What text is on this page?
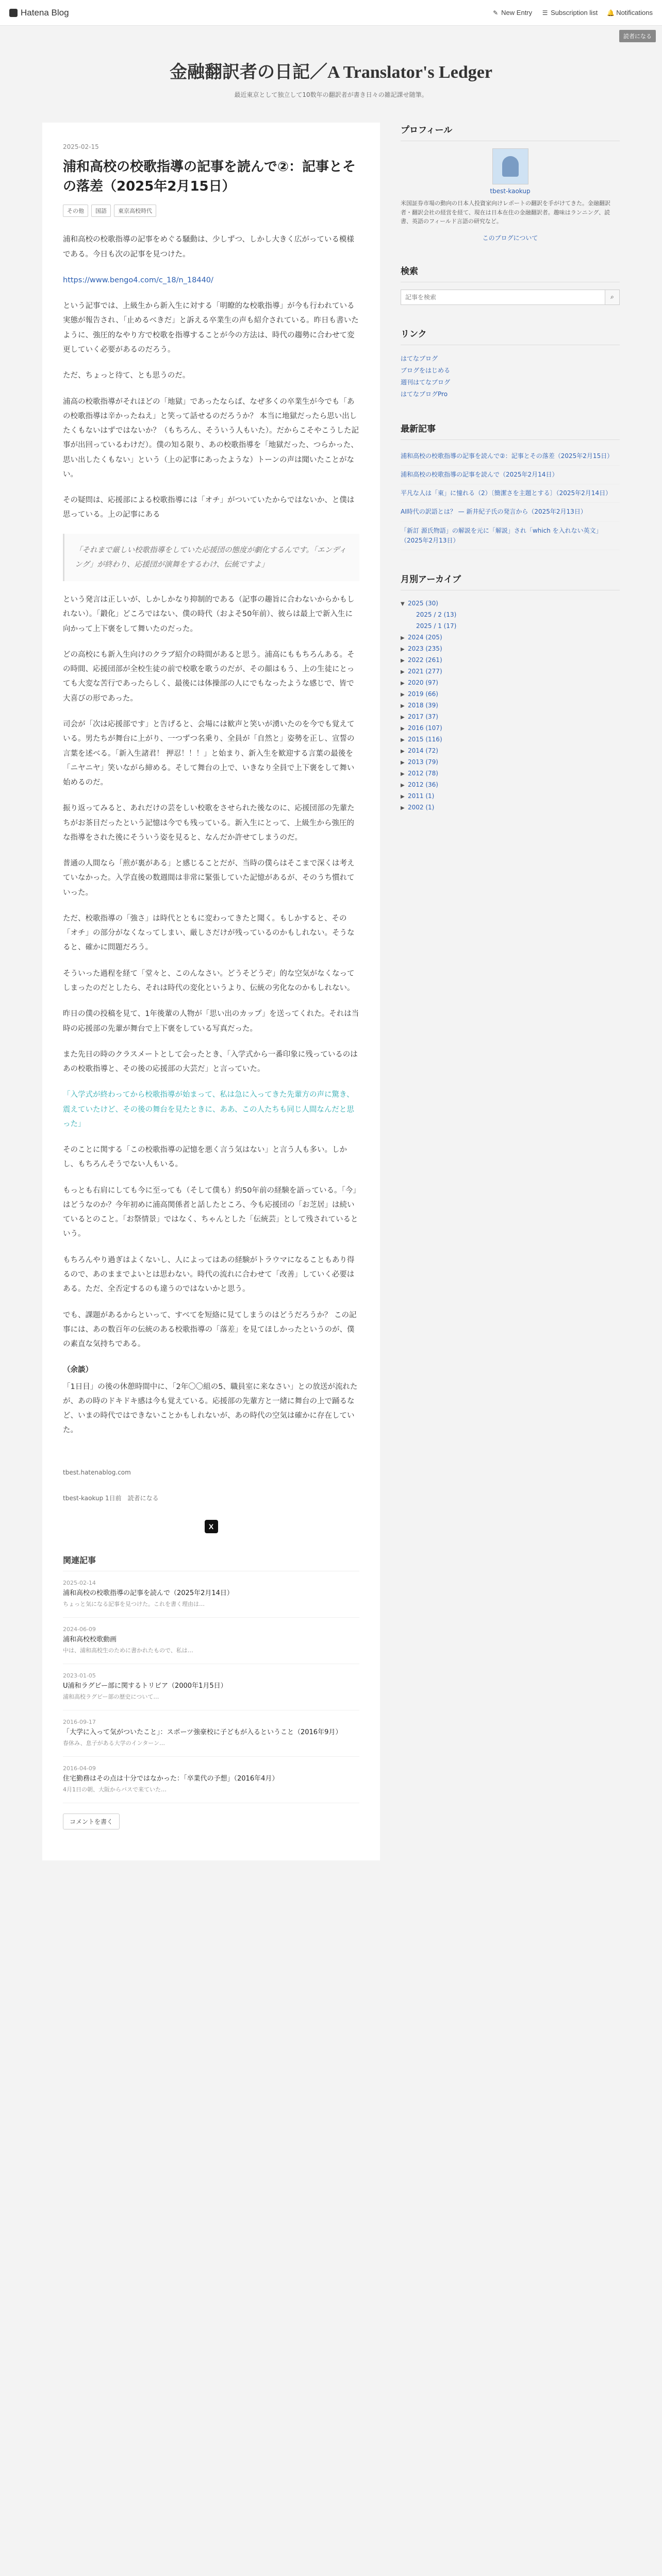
Hatena Blog	✎ New Entry ☰ Subscription list 🔔 Notifications
読者になる
金融翻訳者の日記／A Translator's Ledger

最近東京として独立して10数年の翻訳者が書き日々の雑記課せ随筆。

2025-02-15
浦和高校の校歌指導の記事を読んで②：記事とその落差（2025年2月15日）
その他	国語	東京高校時代

浦和高校の校歌指導の記事をめぐる騒動は、少しずつ、しかし大きく広がっている模様である。今日も次の記事を見つけた。

https://www.bengo4.com/c_18/n_18440/

という記事では、上級生から新入生に対する「明瞭的な校歌指導」が今も行われている実態が報告され、「止めるべきだ」と訴える卒業生の声も紹介されている。昨日も書いたように、強圧的なやり方で校歌を指導することが今の方法は、時代の趨勢に合わせて変更していく必要があるのだろう。

ただ、ちょっと待て、とも思うのだ。

浦高の校歌指導がそれほどの「地獄」であったならば、なぜ多くの卒業生が今でも「あの校歌指導は辛かったねえ」と笑って話せるのだろうか？ 本当に地獄だったら思い出したくもないはずではないか？（もちろん、そういう人もいた）。だからこそやこうした記事が出回っているわけだ）。僕の知る限り、あの校歌指導を「地獄だった、つらかった、思い出したくもない」という（上の記事にあったような）トーンの声は聞いたことがない。

その疑問は、応援部による校歌指導には「オチ」がついていたからではないか、と僕は思っている。上の記事にある

「それまで厳しい校歌指導をしていた応援団の態度が劇化するんです。「エンディング」が終わり、応援団が演舞をするわけ、伝統ですよ」

という発言は正しいが、しかしかなり抑制的である（記事の趣旨に合わないからかもしれない）。「鍛化」どころではない、僕の時代（およそ50年前）、彼らは最上で新入生に向かって上下褒をして舞いたのだった。

どの高校にも新入生向けのクラブ紹介の時間があると思う。浦高にももちろんある。その時間、応援団部が全校生徒の前で校歌を歌うのだが、その顔はもう、上の生徒にとっても大変な苦行であったらしく、最後には体操部の人にでもなったような感じで、皆で大喜びの形であった。

司会が「次は応援部です」と告げると、会場には歓声と笑いが湧いたのを今でも覚えている。男たちが舞台に上がり、一つずつ名乗り、全員が「自然と」姿勢を正し、宣誓の言葉を述べる。「新入生諸君！ 押忍！！！」と始まり、新入生を歓迎する言葉の最後を「ニヤニヤ」笑いながら締める。そして舞台の上で、いきなり全員で上下褒をして舞い始めるのだ。

振り返ってみると、あれだけの芸をしい校歌をさせられた後なのに、応援団部の先輩たちがお茶目だったという記憶は今でも残っている。新入生にとって、上級生から強圧的な指導をされた後にそういう姿を見ると、なんだか許せてしまうのだ。

普通の人間なら「煎が裏がある」と感じることだが、当時の僕らはそこまで深くは考えていなかった。入学直後の数週間は非常に緊張していた記憶があるが、そのうち慣れていった。

ただ、校歌指導の「強さ」は時代とともに変わってきたと聞く。もしかすると、その「オチ」の部分がなくなってしまい、厳しさだけが残っているのかもしれない。そうなると、確かに問題だろう。

そういった過程を経て「堂々と、このんなさい。どうそどうぞ」的な空気がなくなってしまったのだとしたら、それは時代の変化というより、伝統の劣化なのかもしれない。

昨日の僕の投稿を見て、1年後輩の人物が「思い出のカップ」を送ってくれた。それは当時の応援部の先輩が舞台で上下褒をしている写真だった。

また先日の時のクラスメートとして会ったとき、「入学式から一番印象に残っているのはあの校歌指導と、その後の応援部の大芸だ」と言っていた。

「入学式が終わってから校歌指導が始まって、私は急に入ってきた先輩方の声に驚き、震えていたけど、その後の舞台を見たときに、ああ、この人たちも同じ人間なんだと思った」

そのことに関する「この校歌指導の記憶を悪く言う気はない」と言う人も多い。しかし、もちろんそうでない人もいる。

もっとも右肩にしても今に至っても（そして僕も）約50年前の経験を語っている。「今」はどうなのか？今年初めに浦高関係者と話したところ、今も応援団の「お芝居」は続いているとのこと。「お祭情景」ではなく、ちゃんとした「伝統芸」として残されているという。

もちろんやり過ぎはよくないし、人によってはあの経験がトラウマになることもあり得るので、あのままでよいとは思わない。時代の流れに合わせて「改善」していく必要はある。ただ、全否定するのも違うのではないかと思う。

でも、課題があるからといって、すべてを短絡に見てしまうのはどうだろうか？ この記事には、あの数百年の伝統のある校歌指導の「落差」を見てほしかったというのが、僕の素直な気持ちである。

（余談）

「1日目」の後の休憩時間中に、「2年〇〇組の5、職員室に来なさい」との放送が流れたが、あの時のドキドキ感は今も覚えている。応援部の先輩方と一緒に舞台の上で踊るなど、いまの時代ではできないことかもしれないが、あの時代の空気は確かに存在していた。

tbest.hatenablog.com
tbest-kaokup 1日前　読者になる
X
関連記事
2025-02-14
浦和高校の校歌指導の記事を読んで（2025年2月14日）
ちょっと気になる記事を見つけた。これを書く理由は…
2024-06-09
浦和高校校歌動画
中は、浦和高校生のために書かれたもので、私は…
2023-01-05
U浦和ラグビー部に関するトリビア（2000年1月5日）
浦和高校ラグビー部の歴史について…
2016-09-17
「大学に入って気がついたこと」：スポーツ強豪校に子どもが入るということ（2016年9月）
春休み、息子がある大学のインターン…
2016-04-09
住宅勤務はその点は十分ではなかった：「卒業代の予想」（2016年4月）
4月1日の朝、大阪からバスで来ていた…
コメントを書く
プロフィール
tbest-kaokup

米国証券市場の動向の日本人投資家向けレポートの翻訳を手がけてきた。金融翻訳者・翻訳会社の経営を経て、現在は日本在住の金融翻訳者。趣味はランニング、読書、英語のフィールド言語の研究など。

このブログについて
検索
記事を検索
⌕
リンク
はてなブログ
ブログをはじめる
週刊はてなブログ
はてなブログPro
最新記事
浦和高校の校歌指導の記事を読んで②：記事とその落差（2025年2月15日）
浦和高校の校歌指導の記事を読んで（2025年2月14日）
平凡な人は「東」に憧れる（2）〔簡潔さを主題とする〕（2025年2月14日）
AI時代の訳語とは？ — 新井紀子氏の発言から（2025年2月13日）
「新訂 源氏物語」の解説を元に「解説」され「which を入れない英文」（2025年2月13日）
月別アーカイブ
▼ 2025 (30)
2025 / 2 (13)
2025 / 1 (17)
▶ 2024 (205)
▶ 2023 (235)
▶ 2022 (261)
▶ 2021 (277)
▶ 2020 (97)
▶ 2019 (66)
▶ 2018 (39)
▶ 2017 (37)
▶ 2016 (107)
▶ 2015 (116)
▶ 2014 (72)
▶ 2013 (79)
▶ 2012 (78)
▶ 2012 (36)
▶ 2011 (1)
▶ 2002 (1)
